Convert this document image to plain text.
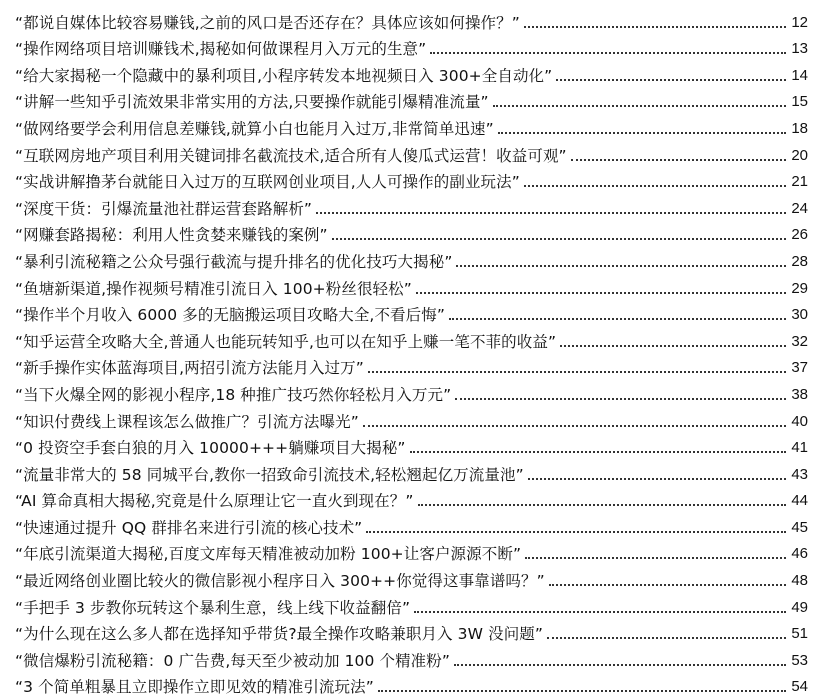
“都说自媒体比较容易赚钱,之前的风口是否还存在？具体应该如何操作？”	12
“操作网络项目培训赚钱术,揭秘如何做课程月入万元的生意”	13
“给大家揭秘一个隐藏中的暴利项目,小程序转发本地视频日入 300+全自动化”	14
“讲解一些知乎引流效果非常实用的方法,只要操作就能引爆精准流量”	15
“做网络要学会利用信息差赚钱,就算小白也能月入过万,非常简单迅速”	18
“互联网房地产项目利用关键词排名截流技术,适合所有人傻瓜式运营！收益可观”	20
“实战讲解撸茅台就能日入过万的互联网创业项目,人人可操作的副业玩法”	21
“深度干货：引爆流量池社群运营套路解析”	24
“网赚套路揭秘：利用人性贪婪来赚钱的案例”	26
“暴利引流秘籍之公众号强行截流与提升排名的优化技巧大揭秘”	28
“鱼塘新渠道,操作视频号精准引流日入 100+粉丝很轻松”	29
“操作半个月收入 6000 多的无脑搬运项目攻略大全,不看后悔”	30
“知乎运营全攻略大全,普通人也能玩转知乎,也可以在知乎上赚一笔不菲的收益”	32
“新手操作实体蓝海项目,两招引流方法能月入过万”	37
“当下火爆全网的影视小程序,18 种推广技巧然你轻松月入万元”	38
“知识付费线上课程该怎么做推广？引流方法曝光”	40
“0 投资空手套白狼的月入 10000+++躺赚项目大揭秘”	41
“流量非常大的 58 同城平台,教你一招致命引流技术,轻松翘起亿万流量池”	43
“AI 算命真相大揭秘,究竟是什么原理让它一直火到现在？”	44
“快速通过提升 QQ 群排名来进行引流的核心技术”	45
“年底引流渠道大揭秘,百度文库每天精准被动加粉 100+让客户源源不断”	46
“最近网络创业圈比较火的微信影视小程序日入 300++你觉得这事靠谱吗？”	48
“手把手 3 步教你玩转这个暴利生意，线上线下收益翻倍”	49
“为什么现在这么多人都在选择知乎带货?最全操作攻略兼职月入 3W 没问题”	51
“微信爆粉引流秘籍：0 广告费,每天至少被动加 100 个精准粉”	53
“3 个简单粗暴且立即操作立即见效的精准引流玩法”	54
